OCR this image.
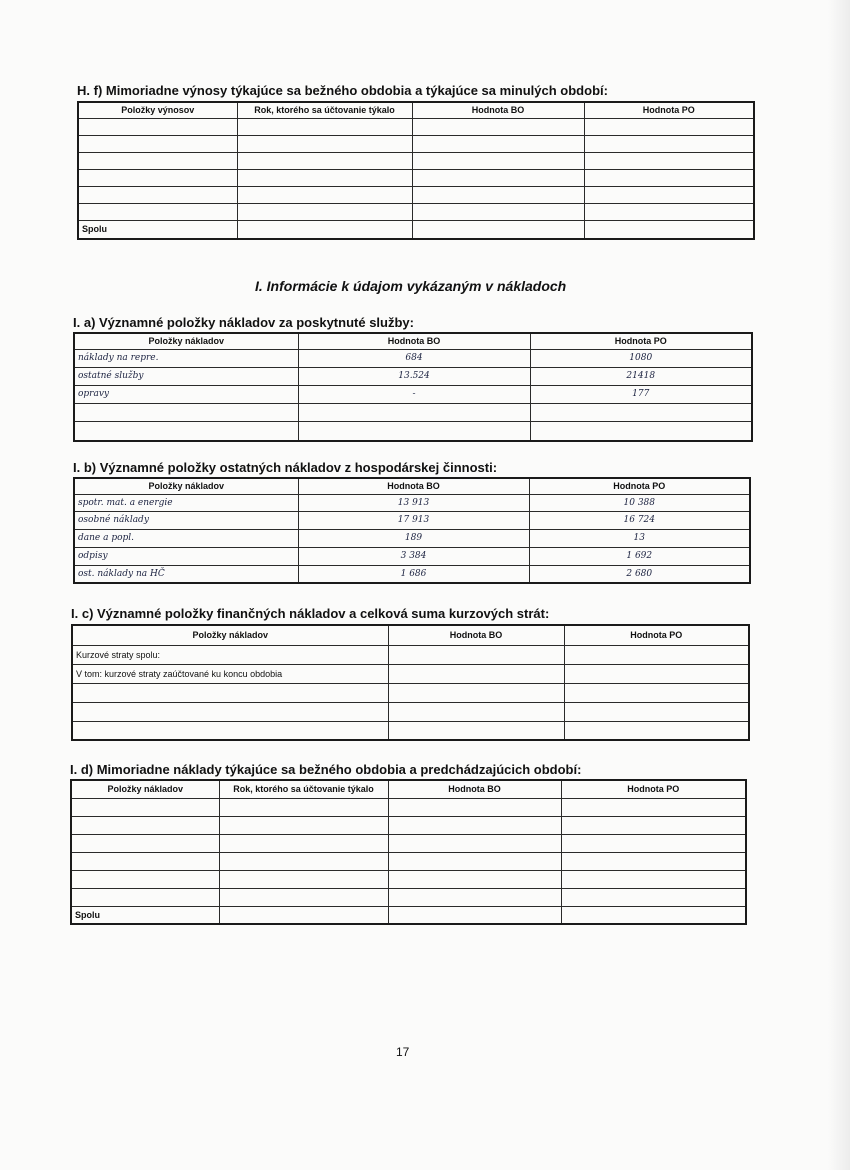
H. f) Mimoriadne výnosy týkajúce sa bežného obdobia a týkajúce sa minulých období:
Položky výnosov	Rok, ktorého sa účtovanie týkalo	Hodnota BO	Hodnota PO

Spolu			
I. Informácie k údajom vykázaným v nákladoch
I. a) Významné položky nákladov za poskytnuté služby:
Položky nákladov	Hodnota BO	Hodnota PO
náklady na repre.	684	1080
ostatné služby	13.524	21418
opravy	-	177

I. b) Významné položky ostatných nákladov z hospodárskej činnosti:
Položky nákladov	Hodnota BO	Hodnota PO
spotr. mat. a energie	13 913	10 388
osobné náklady	17 913	16 724
dane a popl.	189	13
odpisy	3 384	1 692
ost. náklady na HČ	1 686	2 680
I. c) Významné položky finančných nákladov a celková suma kurzových strát:
Položky nákladov	Hodnota BO	Hodnota PO
Kurzové straty spolu:		
V tom: kurzové straty zaúčtované ku koncu obdobia		

I. d) Mimoriadne náklady týkajúce sa bežného obdobia a predchádzajúcich období:
Položky nákladov	Rok, ktorého sa účtovanie týkalo	Hodnota BO	Hodnota PO

Spolu			
17
